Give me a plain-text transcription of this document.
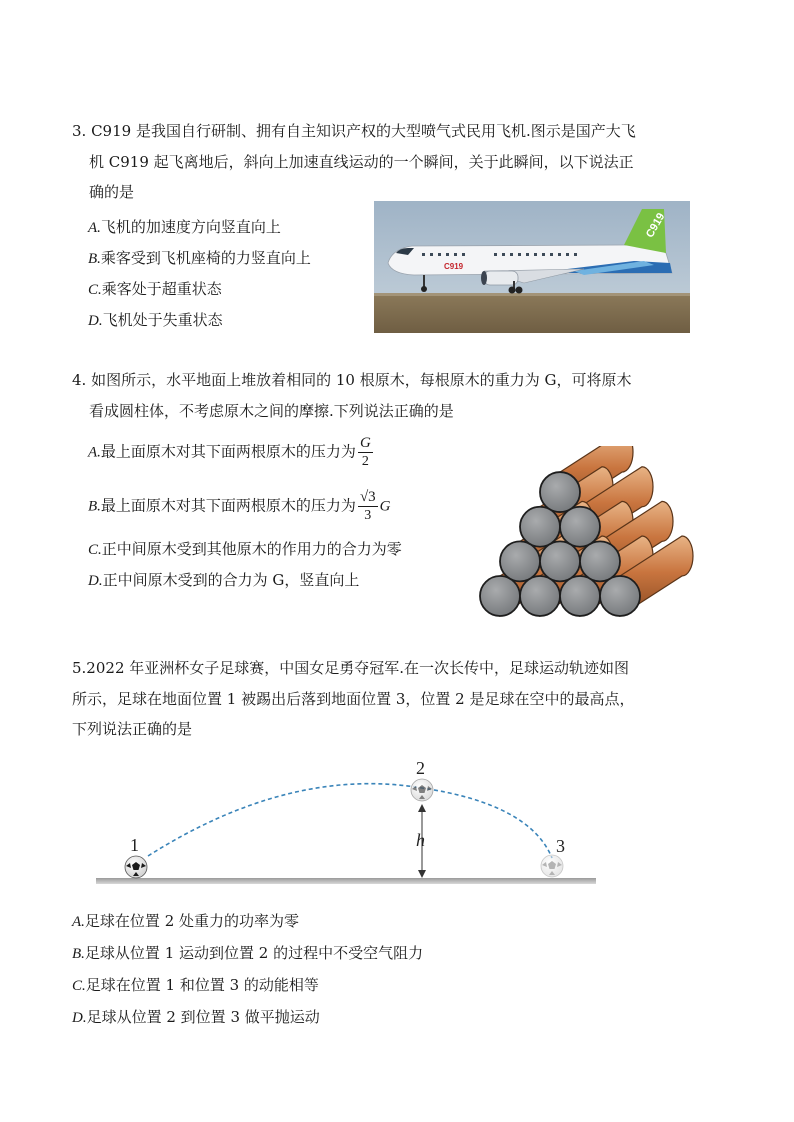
3. C919 是我国自行研制、拥有自主知识产权的大型喷气式民用飞机.图示是国产大飞
机 C919 起飞离地后，斜向上加速直线运动的一个瞬间，关于此瞬间，以下说法正
确的是
A.飞机的加速度方向竖直向上
B.乘客受到飞机座椅的力竖直向上
C.乘客处于超重状态
D.飞机处于失重状态
C919
C919
4. 如图所示，水平地面上堆放着相同的 10 根原木，每根原木的重力为 G，可将原木
看成圆柱体，不考虑原木之间的摩擦.下列说法正确的是
A.最上面原木对其下面两根原木的压力为 $\frac{G}{2}$
B.最上面原木对其下面两根原木的压力为 $\frac{√3}{3}$ G
C.正中间原木受到其他原木的作用力的合力为零
D.正中间原木受到的合力为 G，竖直向上
5.2022 年亚洲杯女子足球赛，中国女足勇夺冠军.在一次长传中，足球运动轨迹如图
所示，足球在地面位置 1 被踢出后落到地面位置 3，位置 2 是足球在空中的最高点，
下列说法正确的是
h
1
2
3
A.足球在位置 2 处重力的功率为零
B.足球从位置 1 运动到位置 2 的过程中不受空气阻力
C.足球在位置 1 和位置 3 的动能相等
D.足球从位置 2 到位置 3 做平抛运动
